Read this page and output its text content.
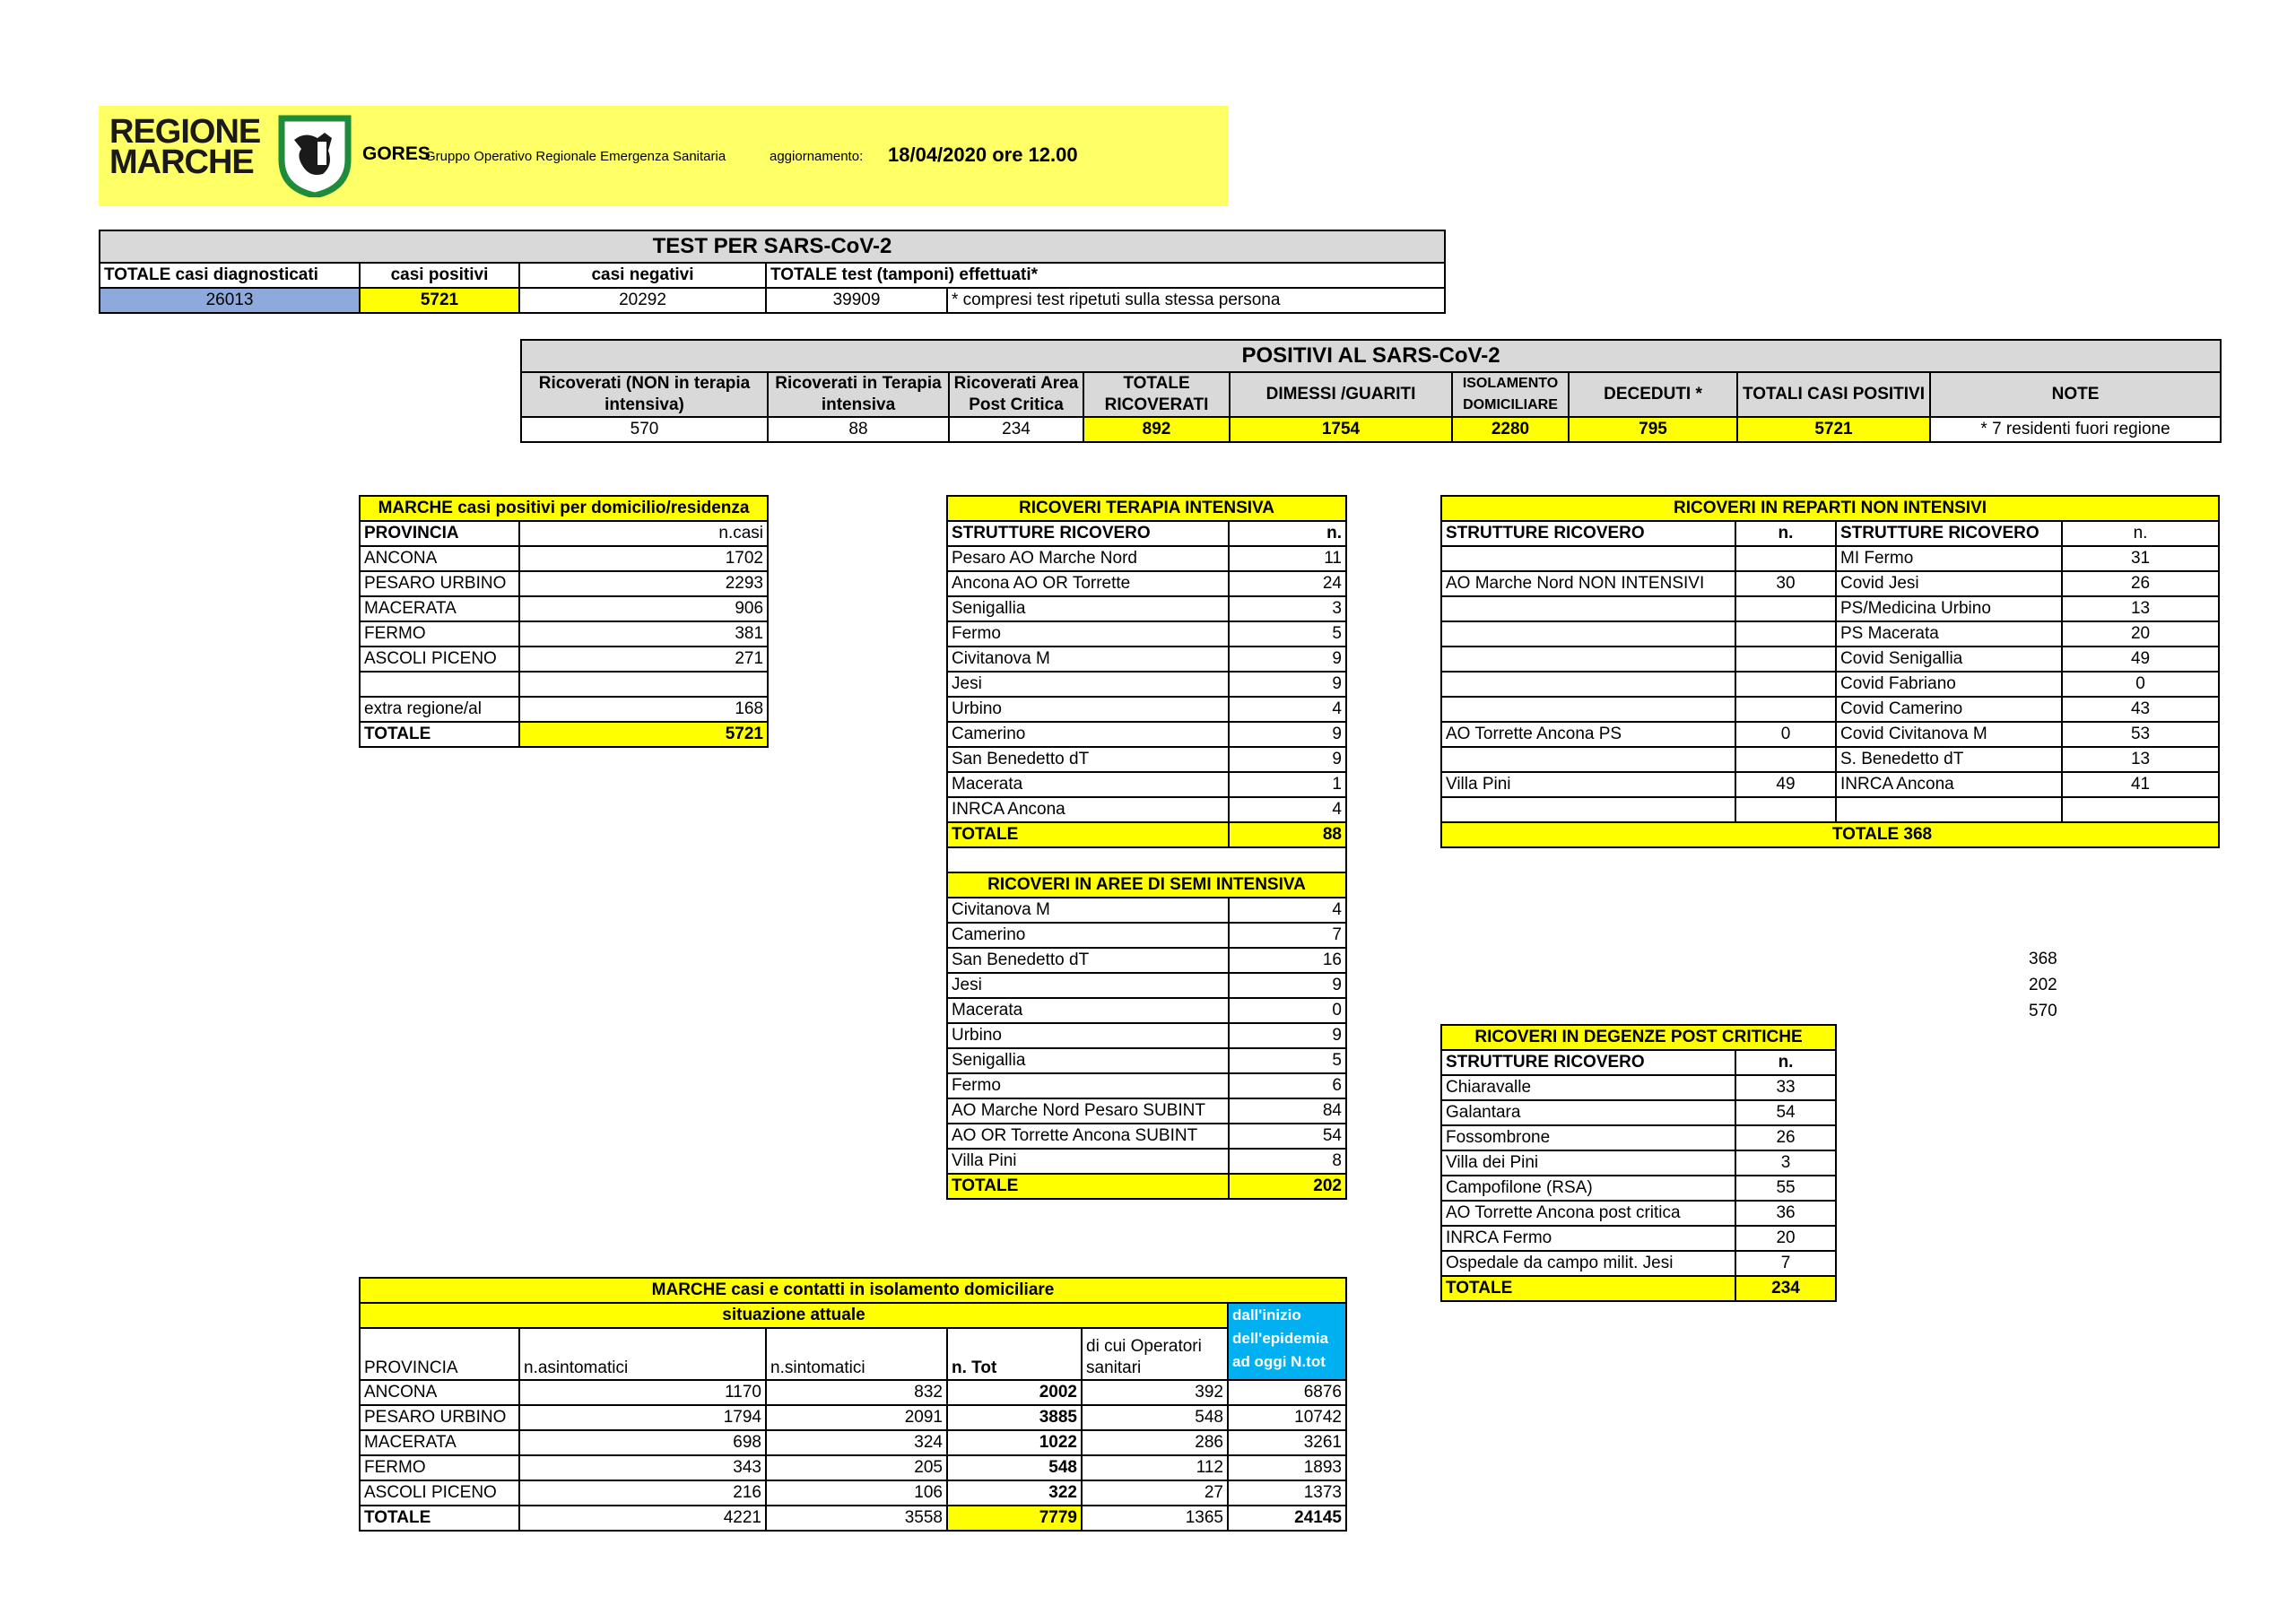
REGIONE
MARCHE	GORES
Gruppo Operativo Regionale Emergenza Sanitaria	aggiornamento: 18/04/2020 ore 12.00
TEST PER SARS-CoV-2				
TOTALE casi diagnosticati	casi positivi	casi negativi	TOTALE test (tamponi) effettuati*	
26013	5721	20292	39909	* compresi test ripetuti sulla stessa persona
POSITIVI AL SARS-CoV-2								
Ricoverati (NON in terapia intensiva)	Ricoverati in Terapia intensiva	Ricoverati Area Post Critica	TOTALE RICOVERATI	DIMESSI /GUARITI	ISOLAMENTO DOMICILIARE	DECEDUTI *	TOTALI CASI POSITIVI	NOTE
570	88	234	892	1754	2280	795	5721	* 7 residenti fuori regione
MARCHE casi positivi per domicilio/residenza	
PROVINCIA	n.casi
ANCONA	1702
PESARO URBINO	2293
MACERATA	906
FERMO	381
ASCOLI PICENO	271

extra regione/al	168
TOTALE	5721
RICOVERI TERAPIA INTENSIVA	
STRUTTURE RICOVERO	n.
Pesaro AO Marche Nord	11
Ancona AO OR Torrette	24
Senigallia	3
Fermo	5
Civitanova M	9
Jesi	9
Urbino	4
Camerino	9
San Benedetto dT	9
Macerata	1
INRCA Ancona	4
TOTALE	88

RICOVERI IN AREE DI SEMI INTENSIVA	
Civitanova M	4
Camerino	7
San Benedetto dT	16
Jesi	9
Macerata	0
Urbino	9
Senigallia	5
Fermo	6
AO Marche Nord Pesaro SUBINT	84
AO OR Torrette Ancona SUBINT	54
Villa Pini	8
TOTALE	202
RICOVERI IN REPARTI NON INTENSIVI			
STRUTTURE RICOVERO	n.	STRUTTURE RICOVERO	n.
		MI Fermo	31
AO Marche Nord NON INTENSIVI	30	Covid Jesi	26
		PS/Medicina Urbino	13
		PS Macerata	20
		Covid Senigallia	49
		Covid Fabriano	0
		Covid Camerino	43
AO Torrette Ancona PS	0	Covid Civitanova M	53
		S. Benedetto dT	13
Villa Pini	49	INRCA Ancona	41

TOTALE 368			
368
202
570
RICOVERI IN DEGENZE POST CRITICHE	
STRUTTURE RICOVERO	n.
Chiaravalle	33
Galantara	54
Fossombrone	26
Villa dei Pini	3
Campofilone (RSA)	55
AO Torrette Ancona post critica	36
INRCA Fermo	20
Ospedale da campo milit. Jesi	7
TOTALE	234
MARCHE casi e contatti in isolamento domiciliare					
situazione attuale					dall'inizio dell'epidemia ad oggi N.tot
PROVINCIA	n.asintomatici	n.sintomatici	n. Tot	di cui Operatori sanitari	
ANCONA	1170	832	2002	392	6876
PESARO URBINO	1794	2091	3885	548	10742
MACERATA	698	324	1022	286	3261
FERMO	343	205	548	112	1893
ASCOLI PICENO	216	106	322	27	1373
TOTALE	4221	3558	7779	1365	24145
